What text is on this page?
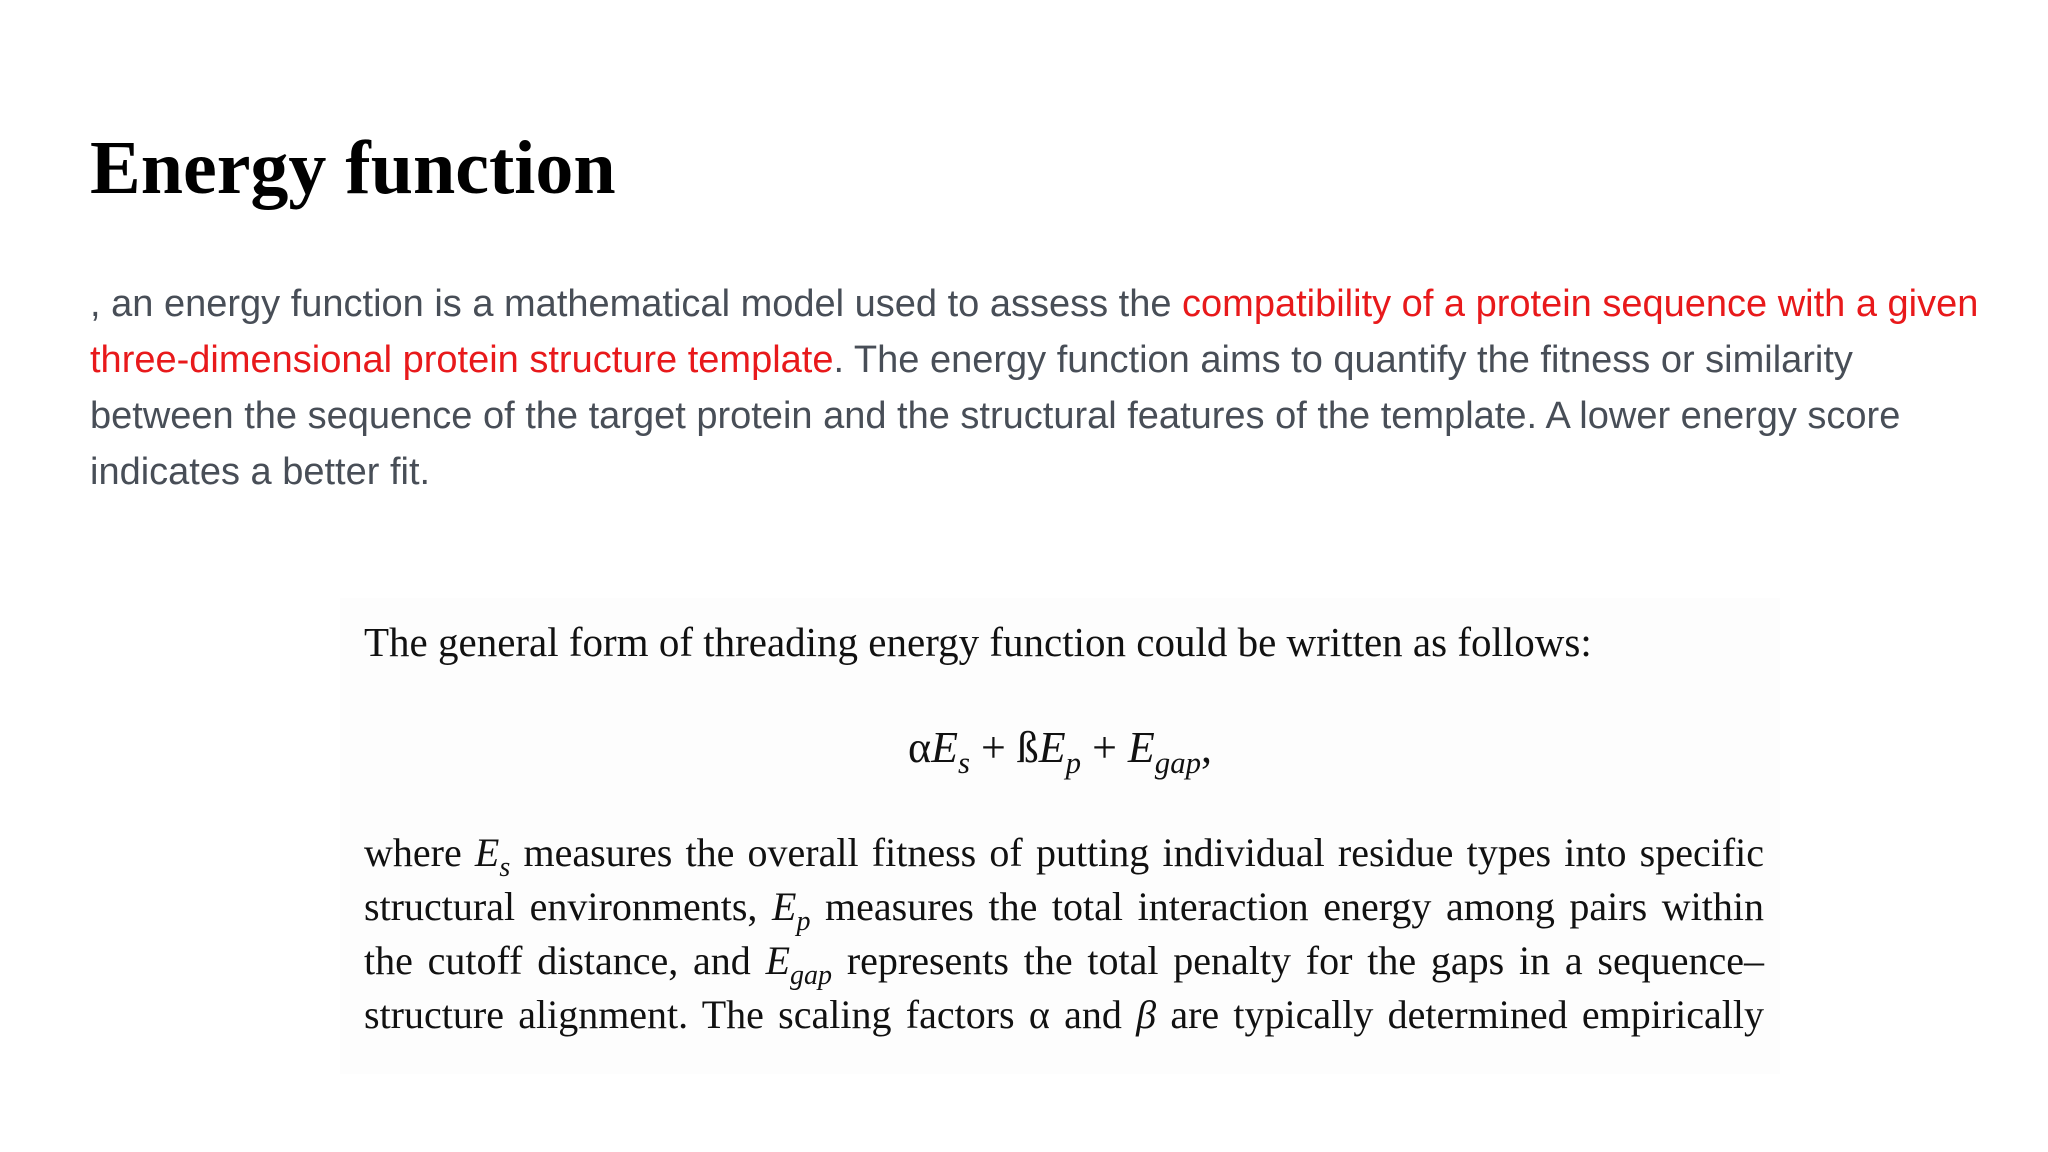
Energy function

, an energy function is a mathematical model used to assess the compatibility of a protein sequence with a given three-dimensional protein structure template. The energy function aims to quantify the fitness or similarity between the sequence of the target protein and the structural features of the template. A lower energy score indicates a better fit.

The general form of threading energy function could be written as follows:

$\alpha E_s$ + $ßE_p + E_{gap}$,

where $E_s$ measures the overall fitness of putting individual residue types into specific
structural environments, $E_p$ measures the total interaction energy among pairs within
the cutoff distance, and $E_{gap}$ represents the total penalty for the gaps in a sequence–
structure alignment. The scaling factors α and β are typically determined empirically
